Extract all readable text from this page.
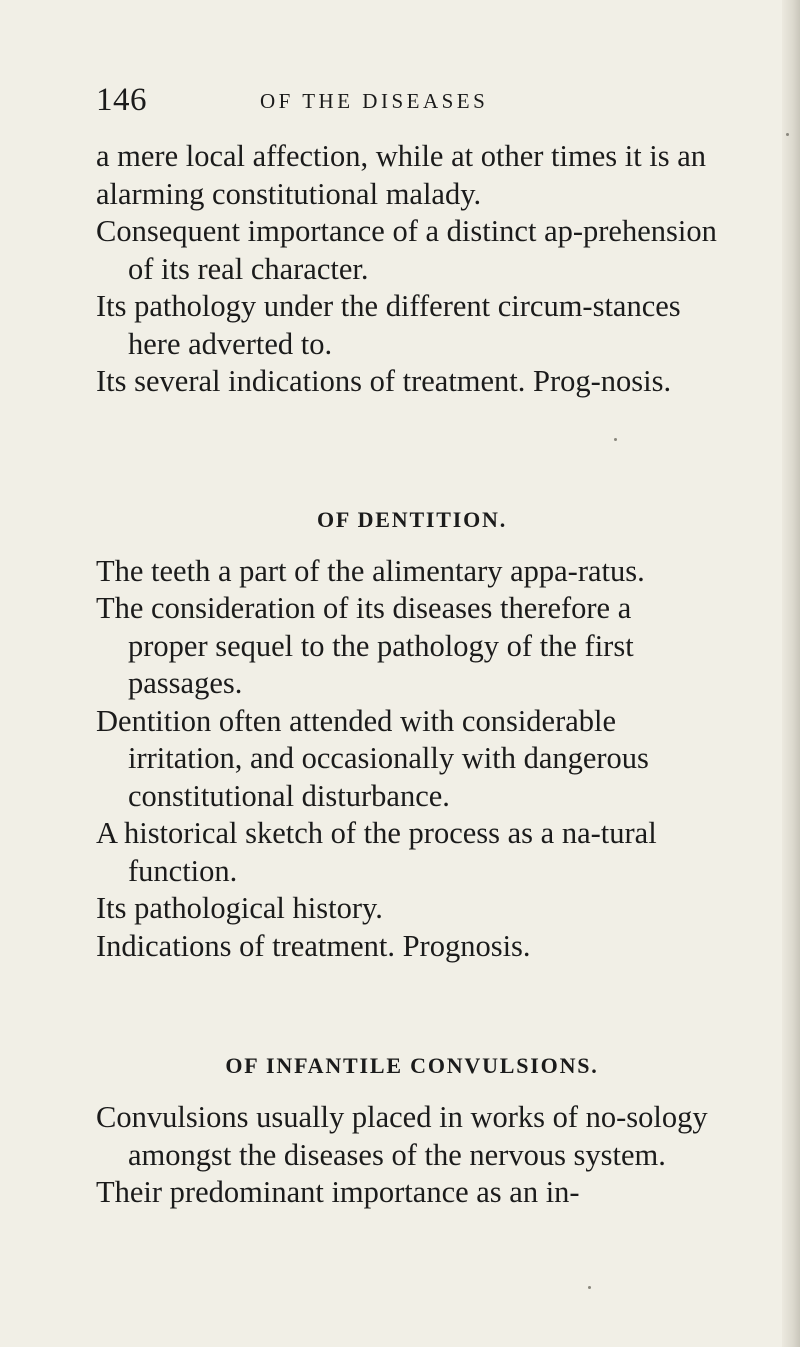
146	OF THE DISEASES

a mere local affection, while at other times it is an alarming constitutional malady.

Consequent importance of a distinct ap-prehension of its real character.

Its pathology under the different circum-stances here adverted to.

Its several indications of treatment. Prog-nosis.

OF DENTITION.

The teeth a part of the alimentary appa-ratus.

The consideration of its diseases therefore a proper sequel to the pathology of the first passages.

Dentition often attended with considerable irritation, and occasionally with dangerous constitutional disturbance.

A historical sketch of the process as a na-tural function.

Its pathological history.

Indications of treatment. Prognosis.

OF INFANTILE CONVULSIONS.

Convulsions usually placed in works of no-sology amongst the diseases of the nervous system.

Their predominant importance as an in-
